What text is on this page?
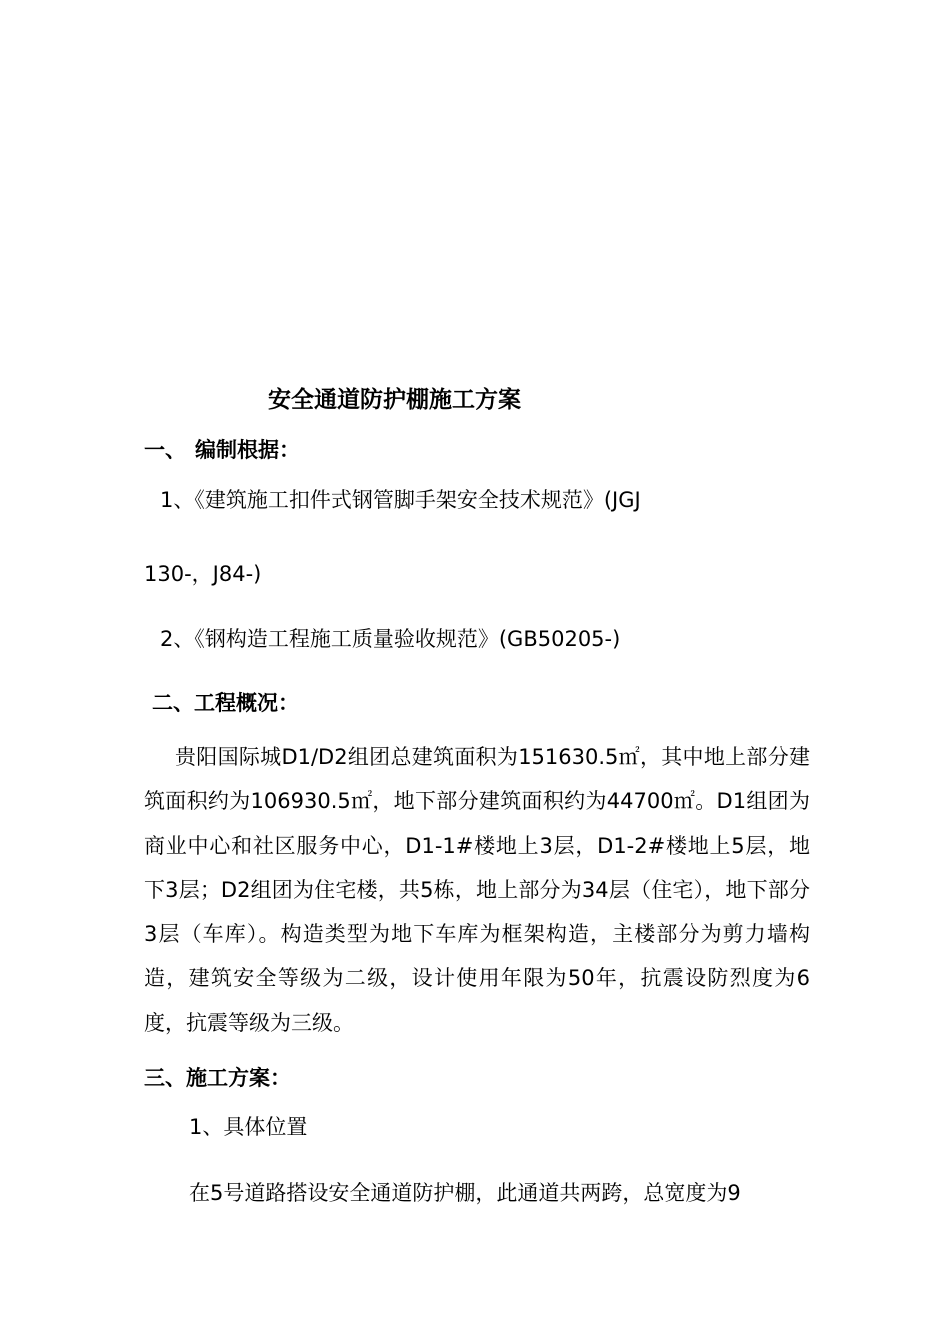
安全通道防护棚施工方案
一、 编制根据：
1、《建筑施工扣件式钢管脚手架安全技术规范》(JGJ
130-，J84-)
2、《钢构造工程施工质量验收规范》(GB50205-)
二、工程概况：
贵阳国际城D1/D2组团总建筑面积为151630.5㎡，其中地上部分建筑面积约为106930.5㎡，地下部分建筑面积约为44700㎡。D1组团为商业中心和社区服务中心，D1-1#楼地上3层，D1-2#楼地上5层，地下3层；D2组团为住宅楼，共5栋，地上部分为34层（住宅），地下部分3层（车库）。构造类型为地下车库为框架构造，主楼部分为剪力墙构造，建筑安全等级为二级，设计使用年限为50年，抗震设防烈度为6度，抗震等级为三级。
三、施工方案：
1、具体位置
在5号道路搭设安全通道防护棚，此通道共两跨，总宽度为9
